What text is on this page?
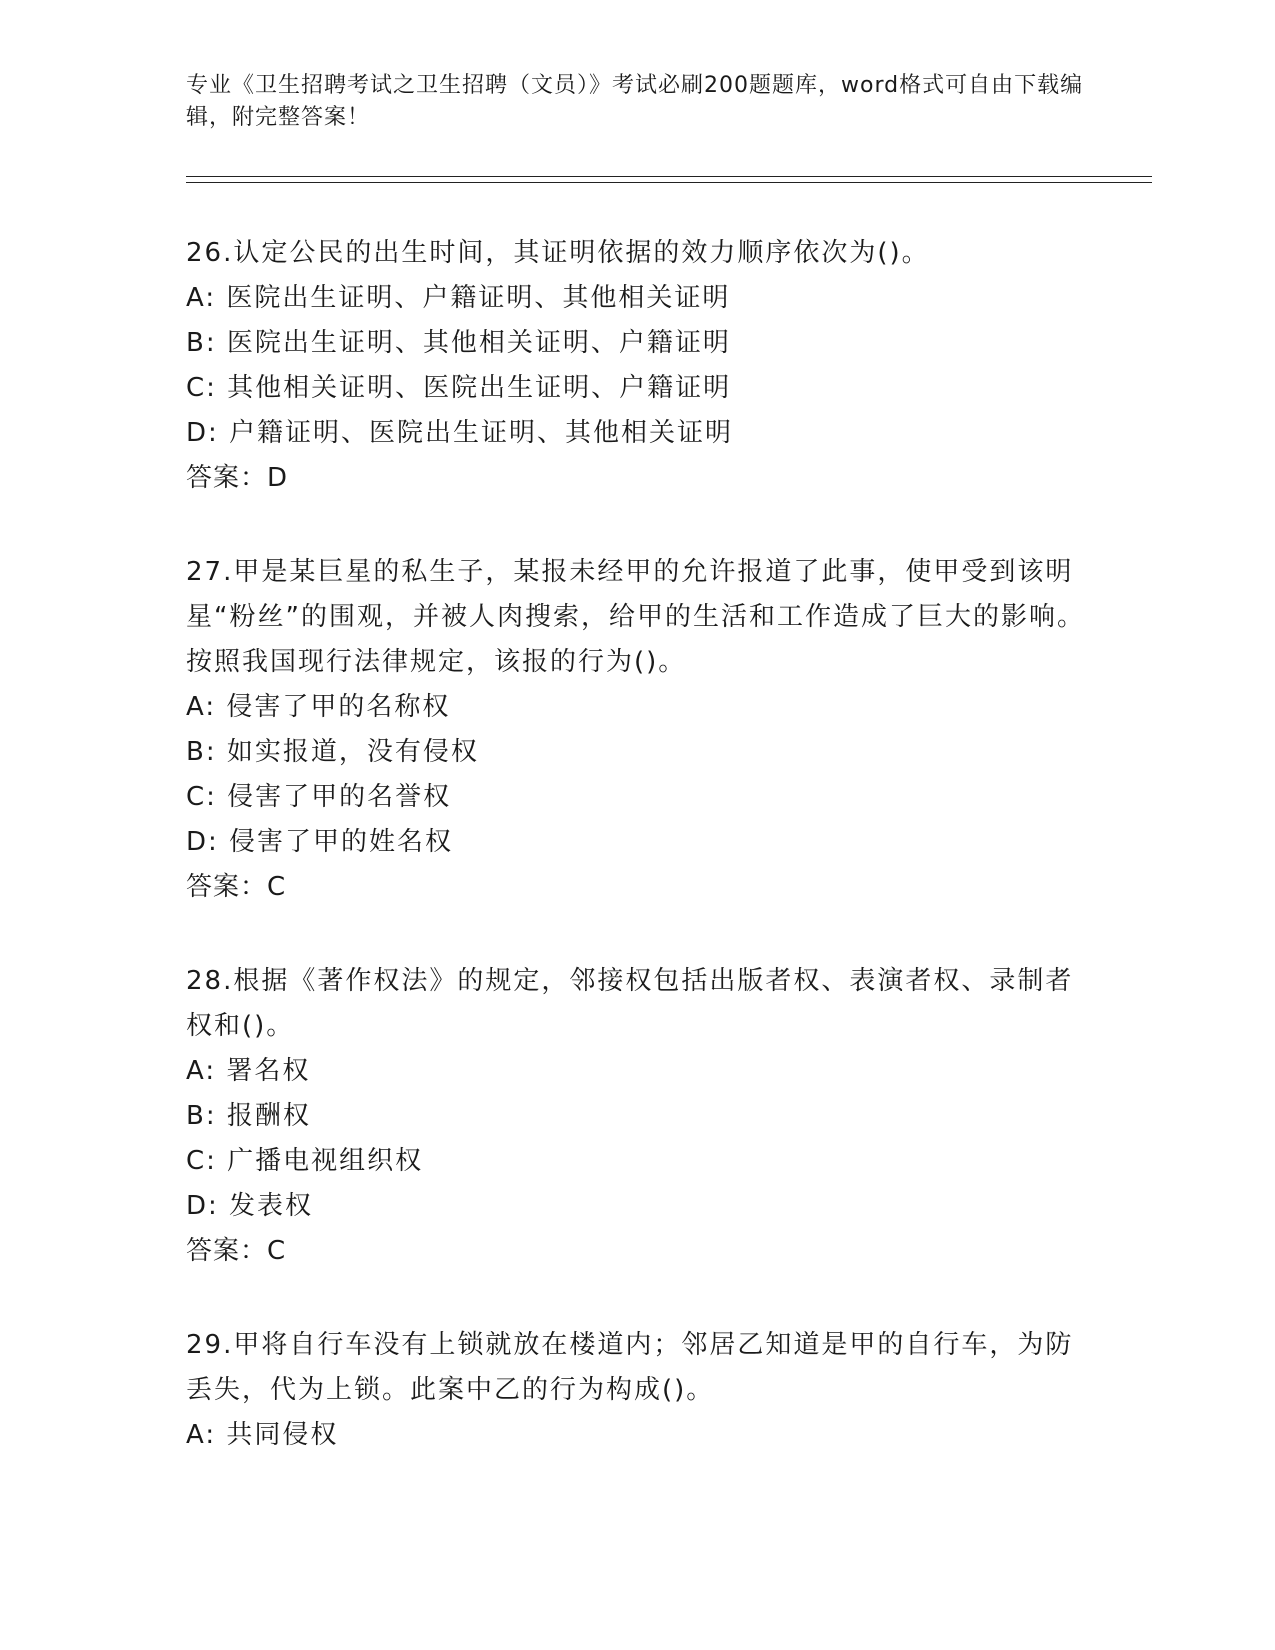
专业《卫生招聘考试之卫生招聘（文员）》考试必刷200题题库，word格式可自由下载编辑，附完整答案！
26.认定公民的出生时间，其证明依据的效力顺序依次为()。
A: 医院出生证明、户籍证明、其他相关证明
B: 医院出生证明、其他相关证明、户籍证明
C: 其他相关证明、医院出生证明、户籍证明
D: 户籍证明、医院出生证明、其他相关证明
答案：D
27.甲是某巨星的私生子，某报未经甲的允许报道了此事，使甲受到该明星“粉丝”的围观，并被人肉搜索，给甲的生活和工作造成了巨大的影响。按照我国现行法律规定，该报的行为()。
A: 侵害了甲的名称权
B: 如实报道，没有侵权
C: 侵害了甲的名誉权
D: 侵害了甲的姓名权
答案：C
28.根据《著作权法》的规定，邻接权包括出版者权、表演者权、录制者权和()。
A: 署名权
B: 报酬权
C: 广播电视组织权
D: 发表权
答案：C
29.甲将自行车没有上锁就放在楼道内；邻居乙知道是甲的自行车，为防丢失，代为上锁。此案中乙的行为构成()。
A: 共同侵权
